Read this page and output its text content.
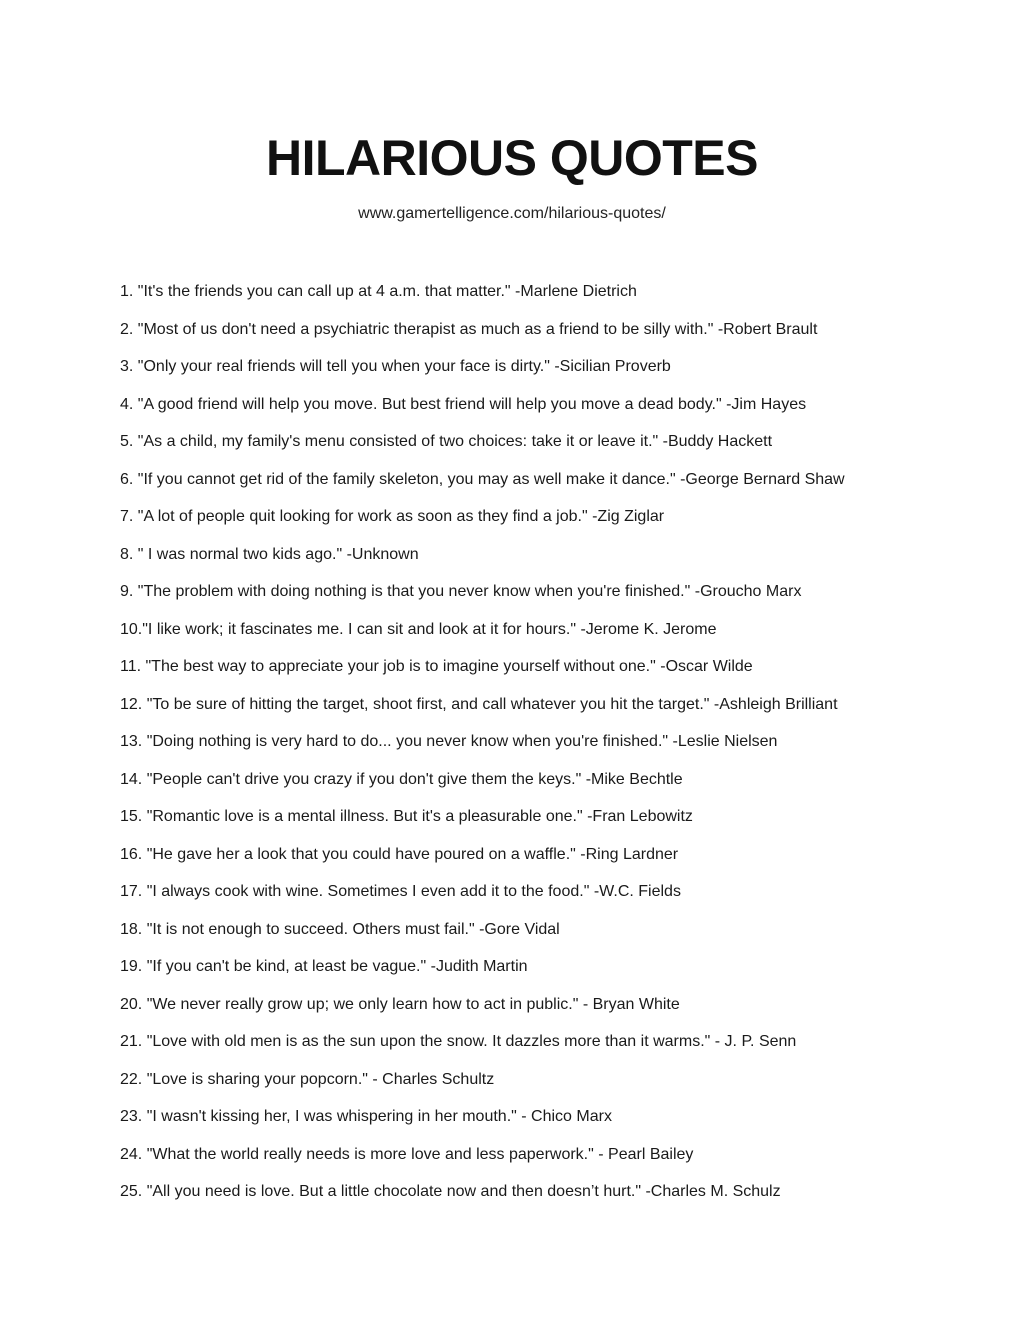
HILARIOUS QUOTES
www.gamertelligence.com/hilarious-quotes/
1. "It's the friends you can call up at 4 a.m. that matter." -Marlene Dietrich
2. "Most of us don't need a psychiatric therapist as much as a friend to be silly with." -Robert Brault
3. "Only your real friends will tell you when your face is dirty." -Sicilian Proverb
4. "A good friend will help you move. But best friend will help you move a dead body." -Jim Hayes
5. "As a child, my family's menu consisted of two choices: take it or leave it." -Buddy Hackett
6. "If you cannot get rid of the family skeleton, you may as well make it dance." -George Bernard Shaw
7. "A lot of people quit looking for work as soon as they find a job." -Zig Ziglar
8. " I was normal two kids ago." -Unknown
9. "The problem with doing nothing is that you never know when you're finished." -Groucho Marx
10."I like work; it fascinates me. I can sit and look at it for hours." -Jerome K. Jerome
11. "The best way to appreciate your job is to imagine yourself without one." -Oscar Wilde
12. "To be sure of hitting the target, shoot first, and call whatever you hit the target." -Ashleigh Brilliant
13. "Doing nothing is very hard to do... you never know when you're finished." -Leslie Nielsen
14. "People can't drive you crazy if you don't give them the keys." -Mike Bechtle
15. "Romantic love is a mental illness. But it's a pleasurable one." -Fran Lebowitz
16. "He gave her a look that you could have poured on a waffle." -Ring Lardner
17. "I always cook with wine. Sometimes I even add it to the food." -W.C. Fields
18. "It is not enough to succeed. Others must fail." -Gore Vidal
19. "If you can't be kind, at least be vague." -Judith Martin
20. "We never really grow up; we only learn how to act in public." - Bryan White
21. "Love with old men is as the sun upon the snow. It dazzles more than it warms." - J. P. Senn
22. "Love is sharing your popcorn." - Charles Schultz
23. "I wasn't kissing her, I was whispering in her mouth." - Chico Marx
24. "What the world really needs is more love and less paperwork." - Pearl Bailey
25. "All you need is love. But a little chocolate now and then doesn’t hurt." -Charles M. Schulz
